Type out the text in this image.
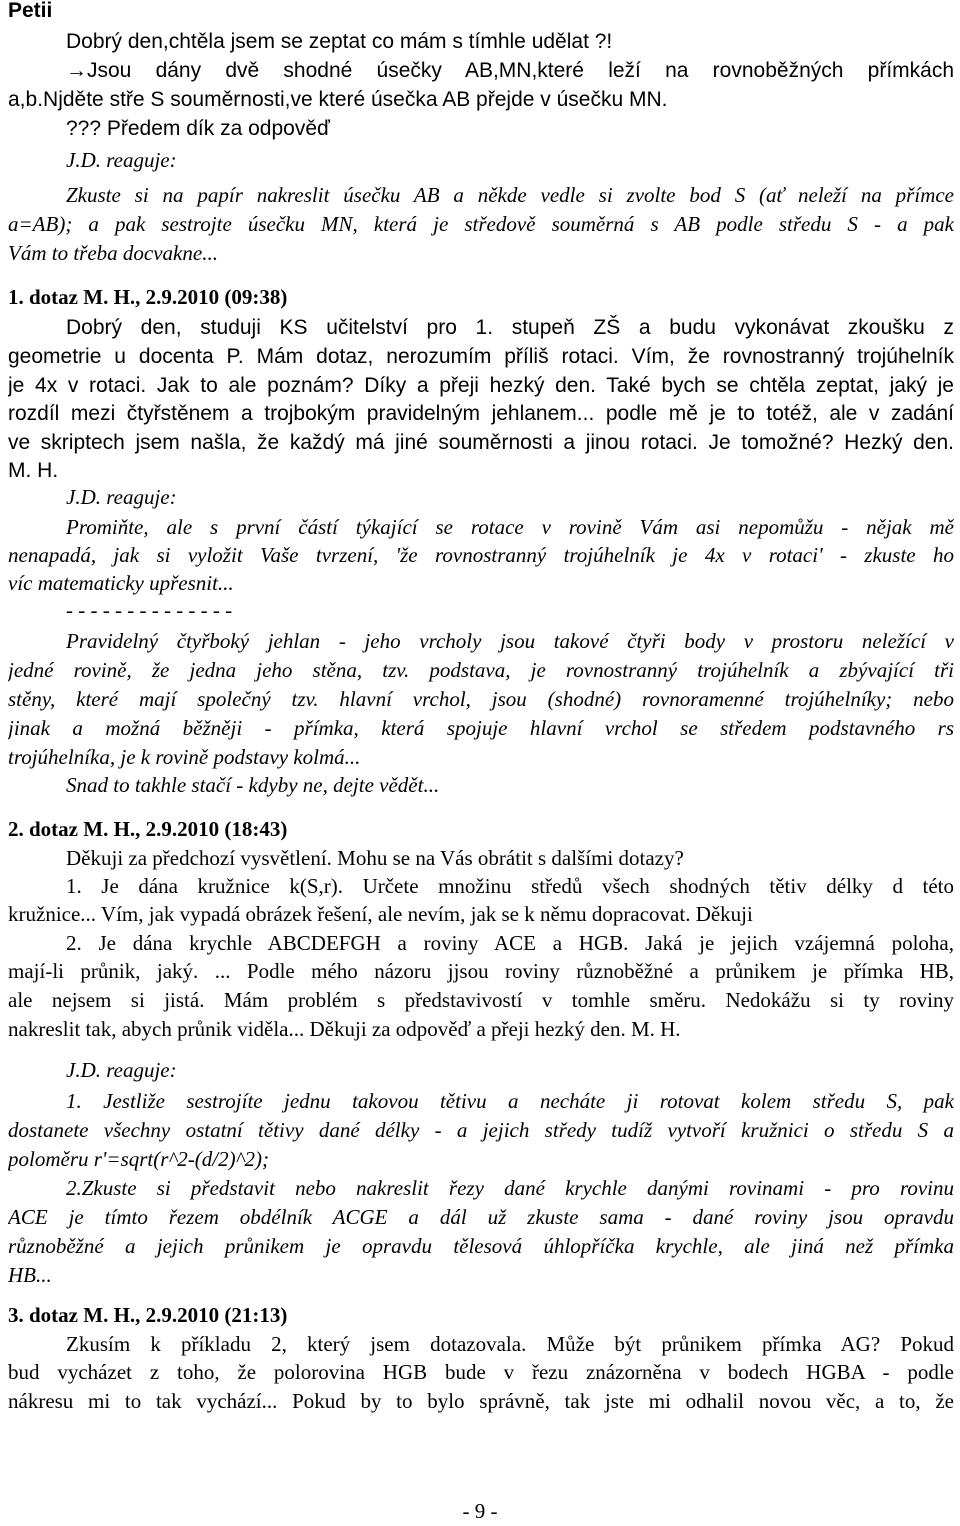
Petii
Dobrý den,chtěla jsem se zeptat co mám s tímhle udělat ?!
→Jsou dány dvě shodné úsečky AB,MN,které leží na rovnoběžných přímkách
a,b.Njděte stře S souměrnosti,ve které úsečka AB přejde v úsečku MN.
??? Předem dík za odpověď
J.D. reaguje:
Zkuste si na papír nakreslit úsečku AB a někde vedle si zvolte bod S (ať neleží na přímce
a=AB); a pak sestrojte úsečku MN, která je středově souměrná s AB podle středu S - a pak
Vám to třeba docvakne...
1. dotaz M. H., 2.9.2010 (09:38)
Dobrý den, studuji KS učitelství pro 1. stupeň ZŠ a budu vykonávat zkoušku z
geometrie u docenta P. Mám dotaz, nerozumím příliš rotaci. Vím, že rovnostranný trojúhelník
je 4x v rotaci. Jak to ale poznám? Díky a přeji hezký den. Také bych se chtěla zeptat, jaký je
rozdíl mezi čtyřstěnem a trojbokým pravidelným jehlanem... podle mě je to totéž, ale v zadání
ve skriptech jsem našla, že každý má jiné souměrnosti a jinou rotaci. Je tomožné? Hezký den.
M. H.
J.D. reaguje:
Promiňte, ale s první částí týkající se rotace v rovině Vám asi nepomůžu - nějak mě
nenapadá, jak si vyložit Vaše tvrzení, 'že rovnostranný trojúhelník je 4x v rotaci' - zkuste ho
víc matematicky upřesnit...
- - - - - - - - - - - - - -
Pravidelný čtyřboký jehlan - jeho vrcholy jsou takové čtyři body v prostoru neležící v
jedné rovině, že jedna jeho stěna, tzv. podstava, je rovnostranný trojúhelník a zbývající tři
stěny, které mají společný tzv. hlavní vrchol, jsou (shodné) rovnoramenné trojúhelníky; nebo
jinak a možná běžněji - přímka, která spojuje hlavní vrchol se středem podstavného rs
trojúhelníka, je k rovině podstavy kolmá...
Snad to takhle stačí - kdyby ne, dejte vědět...
2. dotaz M. H., 2.9.2010 (18:43)
Děkuji za předchozí vysvětlení. Mohu se na Vás obrátit s dalšími dotazy?
1. Je dána kružnice k(S,r). Určete množinu středů všech shodných tětiv délky d této
kružnice... Vím, jak vypadá obrázek řešení, ale nevím, jak se k němu dopracovat. Děkuji
2. Je dána krychle ABCDEFGH a roviny ACE a HGB. Jaká je jejich vzájemná poloha,
mají-li průnik, jaký. ... Podle mého názoru jjsou roviny různoběžné a průnikem je přímka HB,
ale nejsem si jistá. Mám problém s představivostí v tomhle směru. Nedokážu si ty roviny
nakreslit tak, abych průnik viděla... Děkuji za odpověď a přeji hezký den. M. H.
J.D. reaguje:
1. Jestliže sestrojíte jednu takovou tětivu a necháte ji rotovat kolem středu S, pak
dostanete všechny ostatní tětivy dané délky - a jejich středy tudíž vytvoří kružnici o středu S a
poloměru r'=sqrt(r^2-(d/2)^2);
2.Zkuste si představit nebo nakreslit řezy dané krychle danými rovinami - pro rovinu
ACE je tímto řezem obdélník ACGE a dál už zkuste sama - dané roviny jsou opravdu
různoběžné a jejich průnikem je opravdu tělesová úhlopříčka krychle, ale jiná než přímka
HB...
3. dotaz M. H., 2.9.2010 (21:13)
Zkusím k příkladu 2, který jsem dotazovala. Může být průnikem přímka AG? Pokud
bud vycházet z toho, že polorovina HGB bude v řezu znázorněna v bodech HGBA - podle
nákresu mi to tak vychází... Pokud by to bylo správně, tak jste mi odhalil novou věc, a to, že
- 9 -
